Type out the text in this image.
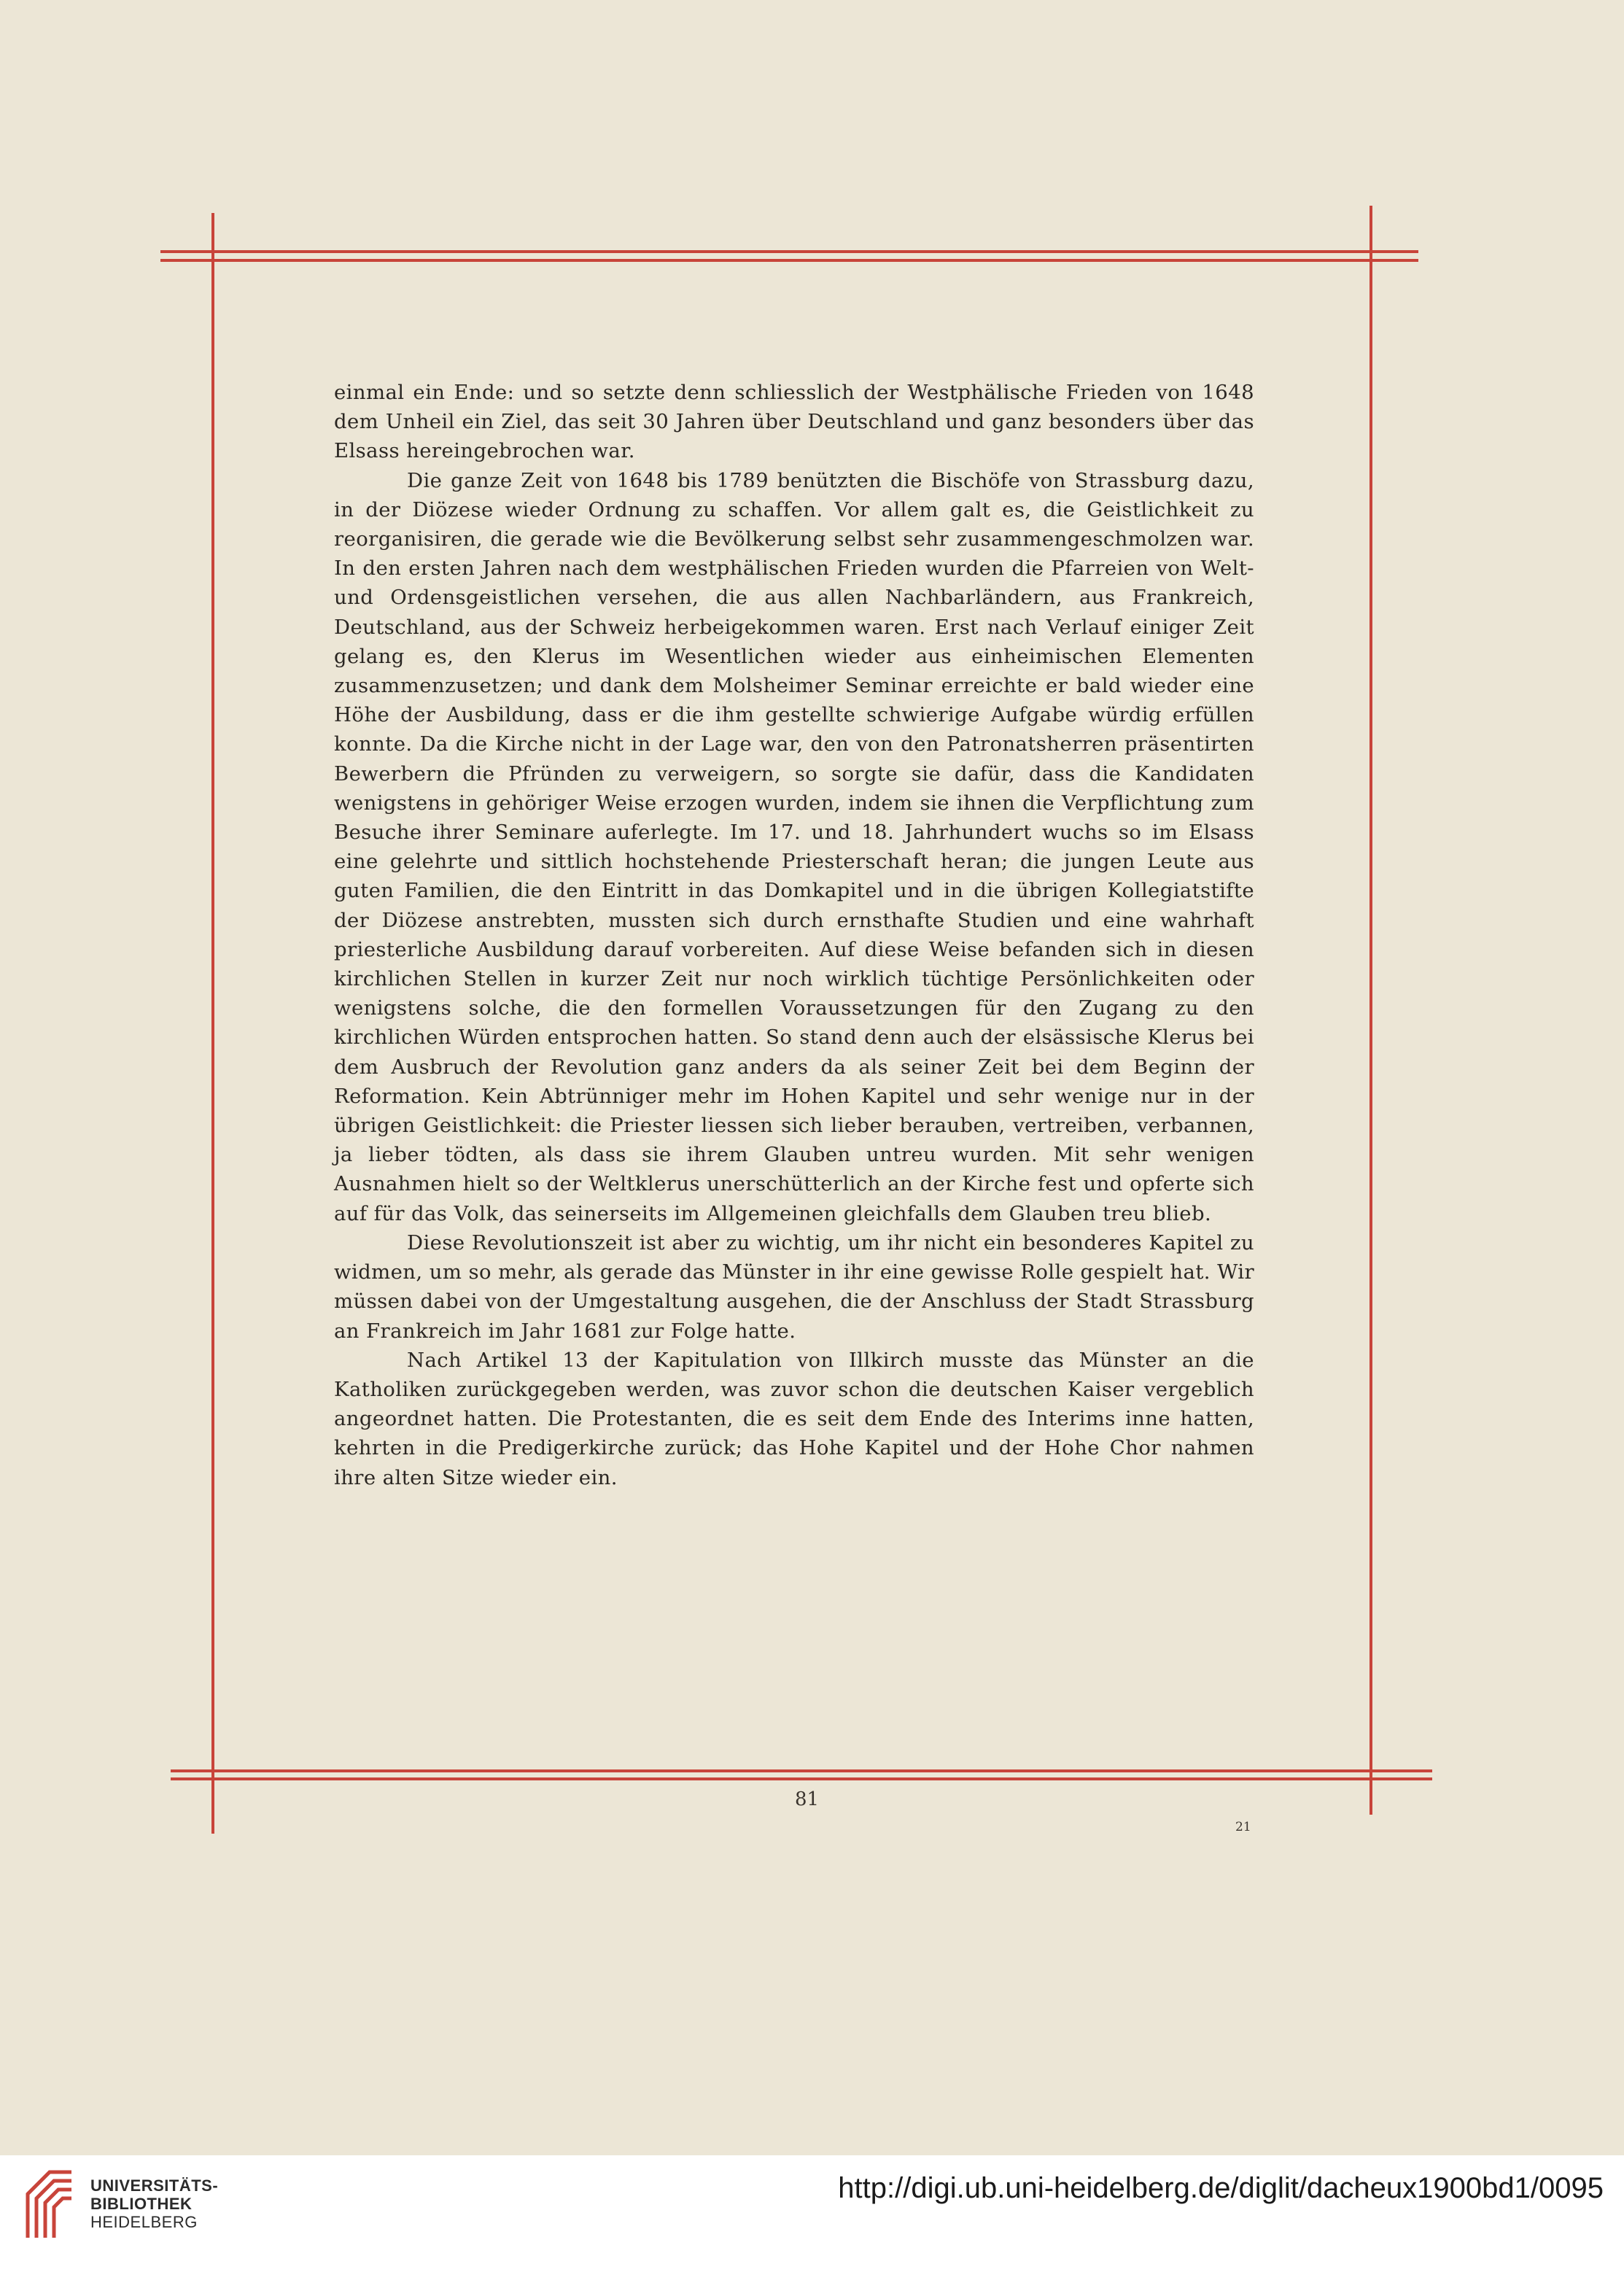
einmal ein Ende: und so setzte denn schliesslich der Westphälische Frieden von 1648 dem Unheil ein Ziel, das seit 30 Jahren über Deutschland und ganz besonders über das Elsass hereingebrochen war.

Die ganze Zeit von 1648 bis 1789 benützten die Bischöfe von Strassburg dazu, in der Diözese wieder Ordnung zu schaffen. Vor allem galt es, die Geistlichkeit zu reorganisiren, die gerade wie die Bevölkerung selbst sehr zusammengeschmolzen war. In den ersten Jahren nach dem westphälischen Frieden wurden die Pfarreien von Welt- und Ordensgeistlichen versehen, die aus allen Nachbarländern, aus Frankreich, Deutschland, aus der Schweiz herbeigekommen waren. Erst nach Verlauf einiger Zeit gelang es, den Klerus im Wesentlichen wieder aus einheimischen Elementen zusammenzusetzen; und dank dem Molsheimer Seminar erreichte er bald wieder eine Höhe der Ausbildung, dass er die ihm gestellte schwierige Aufgabe würdig erfüllen konnte. Da die Kirche nicht in der Lage war, den von den Patronatsherren präsentirten Bewerbern die Pfründen zu verweigern, so sorgte sie dafür, dass die Kandidaten wenigstens in gehöriger Weise erzogen wurden, indem sie ihnen die Verpflichtung zum Besuche ihrer Seminare auferlegte. Im 17. und 18. Jahrhundert wuchs so im Elsass eine gelehrte und sittlich hochstehende Priesterschaft heran; die jungen Leute aus guten Familien, die den Eintritt in das Domkapitel und in die übrigen Kollegiatstifte der Diözese anstrebten, mussten sich durch ernsthafte Studien und eine wahrhaft priesterliche Ausbildung darauf vorbereiten. Auf diese Weise befanden sich in diesen kirchlichen Stellen in kurzer Zeit nur noch wirklich tüchtige Persönlichkeiten oder wenigstens solche, die den formellen Voraussetzungen für den Zugang zu den kirchlichen Würden entsprochen hatten. So stand denn auch der elsässische Klerus bei dem Ausbruch der Revolution ganz anders da als seiner Zeit bei dem Beginn der Reformation. Kein Abtrünniger mehr im Hohen Kapitel und sehr wenige nur in der übrigen Geistlichkeit: die Priester liessen sich lieber berauben, vertreiben, verbannen, ja lieber tödten, als dass sie ihrem Glauben untreu wurden. Mit sehr wenigen Ausnahmen hielt so der Weltklerus unerschütterlich an der Kirche fest und opferte sich auf für das Volk, das seinerseits im Allgemeinen gleichfalls dem Glauben treu blieb.

Diese Revolutionszeit ist aber zu wichtig, um ihr nicht ein besonderes Kapitel zu widmen, um so mehr, als gerade das Münster in ihr eine gewisse Rolle gespielt hat. Wir müssen dabei von der Umgestaltung ausgehen, die der Anschluss der Stadt Strassburg an Frankreich im Jahr 1681 zur Folge hatte.

Nach Artikel 13 der Kapitulation von Illkirch musste das Münster an die Katholiken zurückgegeben werden, was zuvor schon die deutschen Kaiser vergeblich angeordnet hatten. Die Protestanten, die es seit dem Ende des Interims inne hatten, kehrten in die Predigerkirche zurück; das Hohe Kapitel und der Hohe Chor nahmen ihre alten Sitze wieder ein.

81
21
UNIVERSITÄTS-
BIBLIOTHEK
HEIDELBERG
http://digi.ub.uni-heidelberg.de/diglit/dacheux1900bd1/0095
